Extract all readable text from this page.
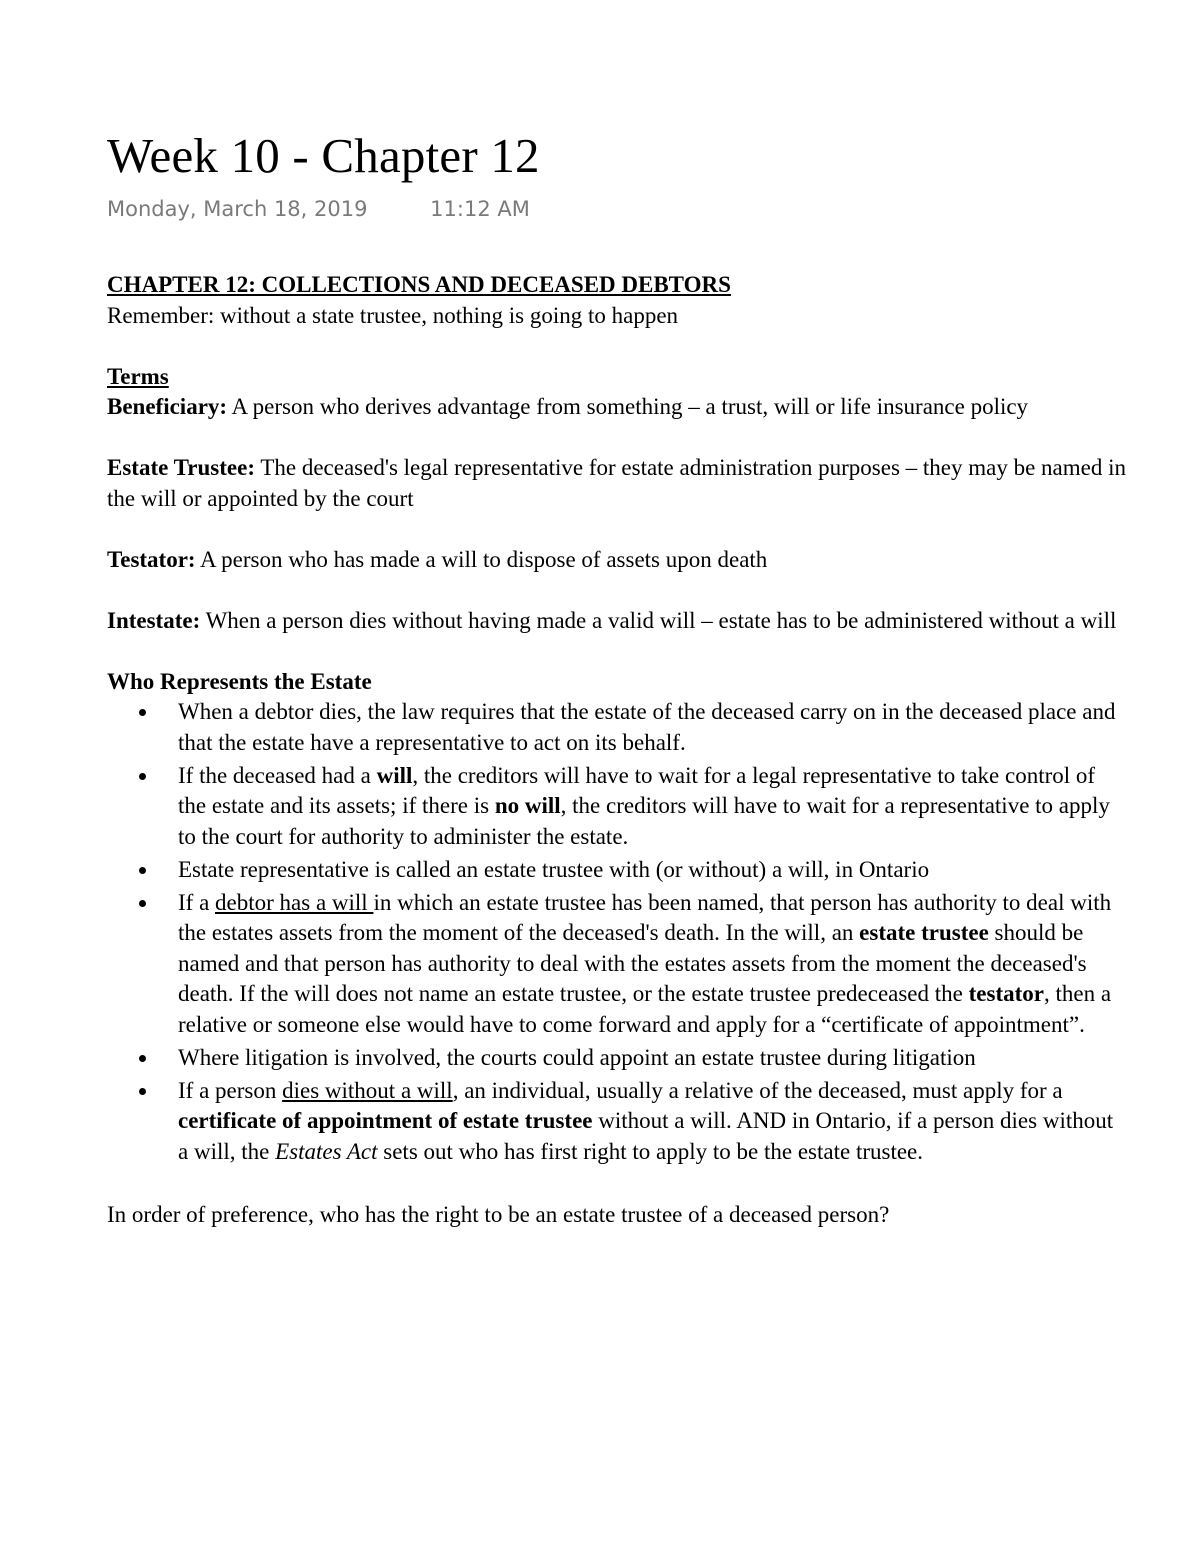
Week 10 - Chapter 12
Monday, March 18, 2019	11:12 AM

CHAPTER 12: COLLECTIONS AND DECEASED DEBTORS

Remember: without a state trustee, nothing is going to happen

Terms

Beneficiary: A person who derives advantage from something – a trust, will or life insurance policy

Estate Trustee: The deceased's legal representative for estate administration purposes – they may be named in the will or appointed by the court

Testator: A person who has made a will to dispose of assets upon death

Intestate: When a person dies without having made a valid will – estate has to be administered without a will

Who Represents the Estate

When a debtor dies, the law requires that the estate of the deceased carry on in the deceased place and that the estate have a representative to act on its behalf.
If the deceased had a will, the creditors will have to wait for a legal representative to take control of the estate and its assets; if there is no will, the creditors will have to wait for a representative to apply to the court for authority to administer the estate.
Estate representative is called an estate trustee with (or without) a will, in Ontario
If a debtor has a will in which an estate trustee has been named, that person has authority to deal with the estates assets from the moment of the deceased's death. In the will, an estate trustee should be named and that person has authority to deal with the estates assets from the moment the deceased's death. If the will does not name an estate trustee, or the estate trustee predeceased the testator, then a relative or someone else would have to come forward and apply for a “certificate of appointment”.
Where litigation is involved, the courts could appoint an estate trustee during litigation
If a person dies without a will, an individual, usually a relative of the deceased, must apply for a certificate of appointment of estate trustee without a will. AND in Ontario, if a person dies without a will, the Estates Act sets out who has first right to apply to be the estate trustee.

In order of preference, who has the right to be an estate trustee of a deceased person?
